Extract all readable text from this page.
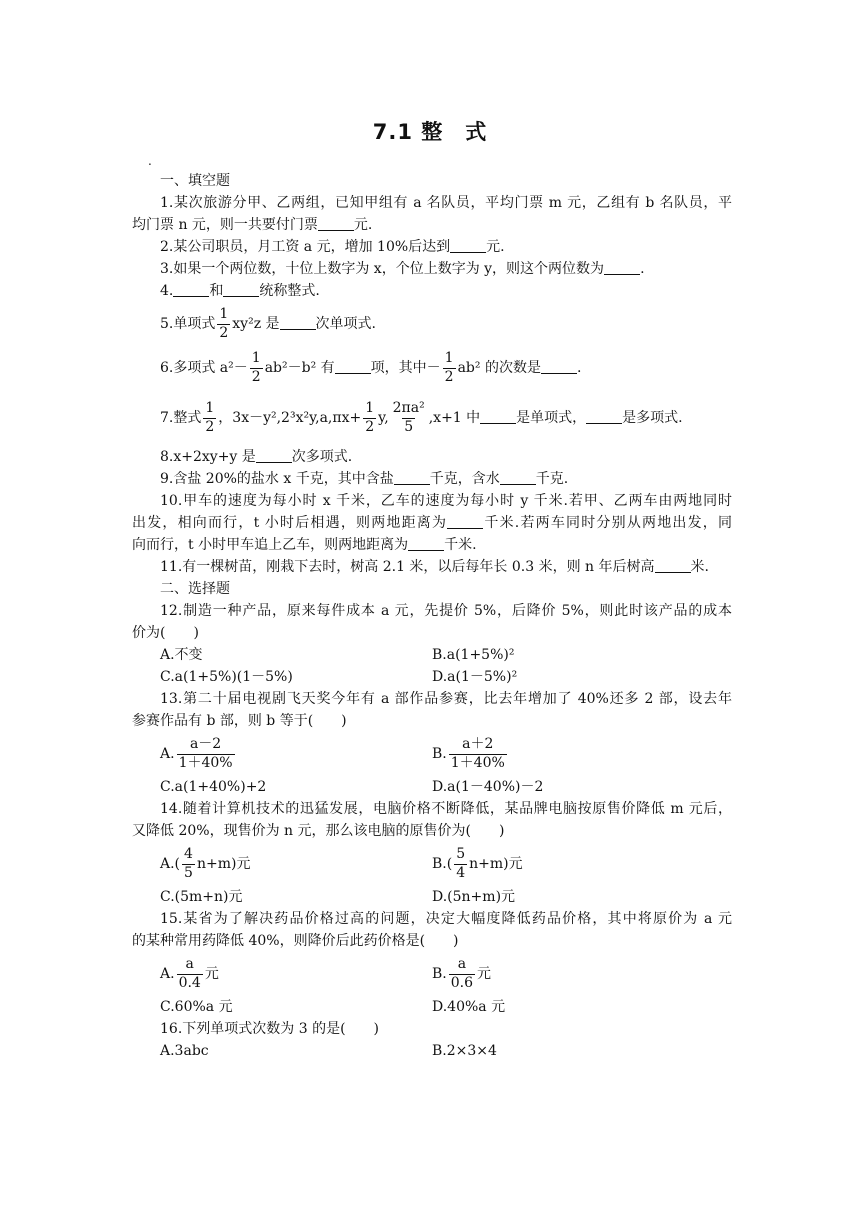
7.1 整　式
.
一、填空题
1.某次旅游分甲、乙两组，已知甲组有 a 名队员，平均门票 m 元，乙组有 b 名队员，平
均门票 n 元，则一共要付门票	元.
2.某公司职员，月工资 a 元，增加 10%后达到	元.
3.如果一个两位数，十位上数字为 x，个位上数字为 y，则这个两位数为	.
4.	和	统称整式.
5.单项式 $\frac{1}{2} xy^2z$ 是	次单项式.
6.多项式 $a^2- \frac{1}{2} ab^2-b^2$ 有	项，其中－ $\frac{1}{2} ab^2$ 的次数是	.
7.整式 $\frac{1}{2}$ ，$3x-y^2,2^3x^2y,a,\pi x+ \frac{1}{2} y$, $\frac{\text{2πa²}}{5} ,x+1$ 中	是单项式，	是多项式.
8.x+2xy+y 是	次多项式.
9.含盐 20%的盐水 x 千克，其中含盐	千克，含水	千克.
10.甲车的速度为每小时 x 千米，乙车的速度为每小时 y 千米.若甲、乙两车由两地同时
出发，相向而行，t 小时后相遇，则两地距离为	千米.若两车同时分别从两地出发，同
向而行，t 小时甲车追上乙车，则两地距离为	千米.
11.有一棵树苗，刚栽下去时，树高 2.1 米，以后每年长 0.3 米，则 n 年后树高	米.
二、选择题
12.制造一种产品，原来每件成本 a 元，先提价 5%，后降价 5%，则此时该产品的成本
价为(　　)
A.不变	B.a(1+5%)²
C.a(1+5%)(1－5%)	D.a(1－5%)²
13.第二十届电视剧飞天奖今年有 a 部作品参赛，比去年增加了 40%还多 2 部，设去年
参赛作品有 b 部，则 b 等于(　　)
A. $\frac{a-2}{1+40\%}$	B. $\frac{a+2}{1+40\%}$
C.a(1+40%)+2	D.a(1－40%)－2
14.随着计算机技术的迅猛发展，电脑价格不断降低，某品牌电脑按原售价降低 m 元后，
又降低 20%，现售价为 n 元，那么该电脑的原售价为(　　)
$A.( \frac{4}{5} n+m)$元	$B.( \frac{5}{4} n+m)$元
C.(5m+n)元	D.(5n+m)元
15.某省为了解决药品价格过高的问题，决定大幅度降低药品价格，其中将原价为 a 元
的某种常用药降低 40%，则降价后此药价格是(　　)
A. $\frac{a}{0.4}$ 元	B. $\frac{a}{0.6}$ 元
C.60%a 元	D.40%a 元
16.下列单项式次数为 3 的是(　　)
A.3abc	B.2×3×4
